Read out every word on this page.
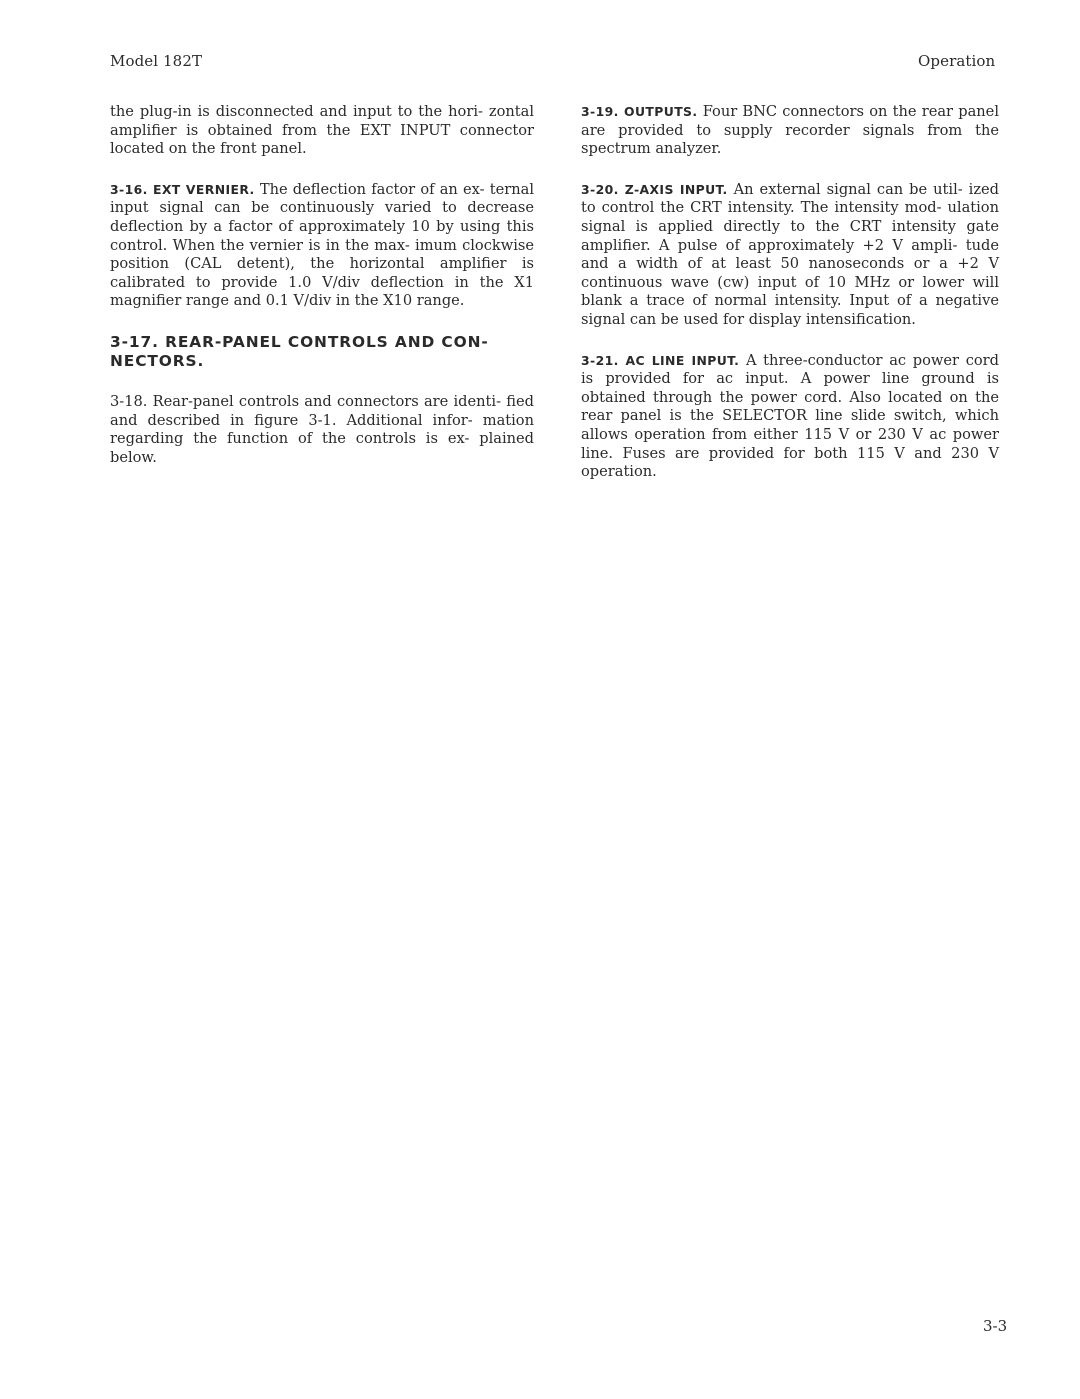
Model 182T	Operation

the plug-in is disconnected and input to the hori- zontal amplifier is obtained from the EXT INPUT connector located on the front panel.

3-16. EXT VERNIER. The deflection factor of an ex- ternal input signal can be continuously varied to decrease deflection by a factor of approximately 10 by using this control. When the vernier is in the max- imum clockwise position (CAL detent), the horizontal amplifier is calibrated to provide 1.0 V/div deflection in the X1 magnifier range and 0.1 V/div in the X10 range.

3-17. REAR-PANEL CONTROLS AND CON- NECTORS.

3-18. Rear-panel controls and connectors are identi- fied and described in figure 3-1. Additional infor- mation regarding the function of the controls is ex- plained below.

3-19. OUTPUTS. Four BNC connectors on the rear panel are provided to supply recorder signals from the spectrum analyzer.

3-20. Z-AXIS INPUT. An external signal can be util- ized to control the CRT intensity. The intensity mod- ulation signal is applied directly to the CRT intensity gate amplifier. A pulse of approximately +2 V ampli- tude and a width of at least 50 nanoseconds or a +2 V continuous wave (cw) input of 10 MHz or lower will blank a trace of normal intensity. Input of a negative signal can be used for display intensification.

3-21. AC LINE INPUT. A three-conductor ac power cord is provided for ac input. A power line ground is obtained through the power cord. Also located on the rear panel is the SELECTOR line slide switch, which allows operation from either 115 V or 230 V ac power line. Fuses are provided for both 115 V and 230 V operation.

3-3
